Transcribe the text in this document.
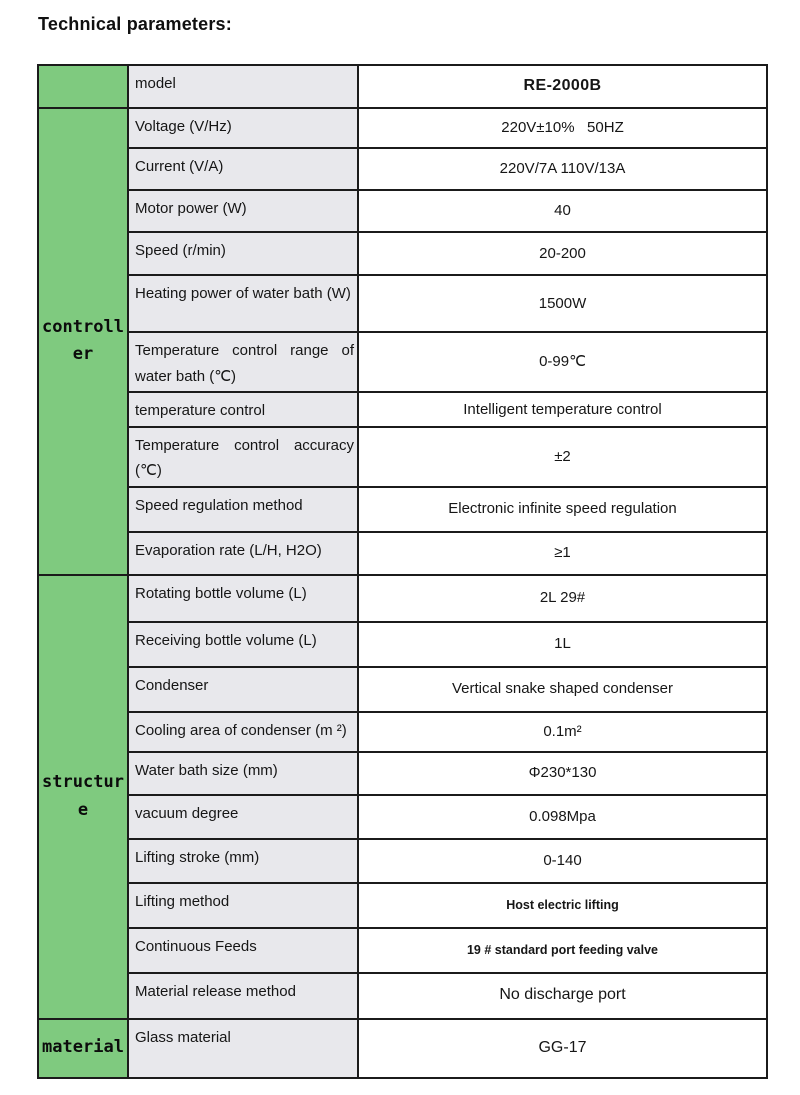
Technical parameters:
	model	RE-2000B
controller	Voltage (V/Hz)	220V±10%   50HZ
	Current (V/A)	220V/7A 110V/13A
	Motor power (W)	40
	Speed (r/min)	20-200
	Heating power of water bath (W)	1500W
	Temperature control range of water bath (℃)	0-99℃
	temperature control	Intelligent temperature control
	Temperature control accuracy (℃)	±2
	Speed regulation method	Electronic infinite speed regulation
	Evaporation rate (L/H, H2O)	≥1
structure	Rotating bottle volume (L)	2L 29#
	Receiving bottle volume (L)	1L
	Condenser	Vertical snake shaped condenser
	Cooling area of condenser (m ²)	0.1m²
	Water bath size (mm)	Φ230*130
	vacuum degree	0.098Mpa
	Lifting stroke (mm)	0-140
	Lifting method	Host electric lifting
	Continuous Feeds	19 # standard port feeding valve
	Material release method	No discharge port
material	Glass material	GG-17
